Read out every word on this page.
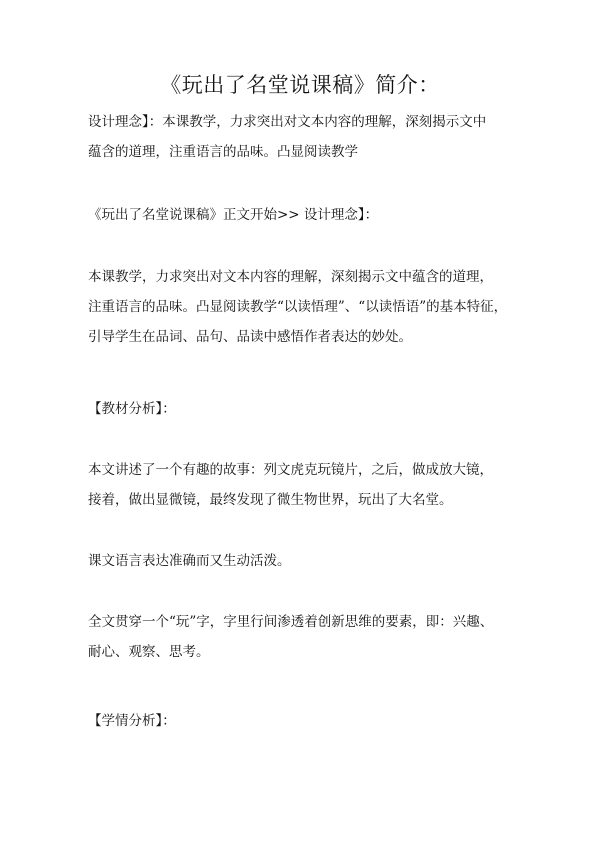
《玩出了名堂说课稿》简介：
设计理念】：本课教学，力求突出对文本内容的理解，深刻揭示文中
蕴含的道理，注重语言的品味。凸显阅读教学
《玩出了名堂说课稿》正文开始>> 设计理念】：
本课教学，力求突出对文本内容的理解，深刻揭示文中蕴含的道理，
注重语言的品味。凸显阅读教学“以读悟理”、“以读悟语”的基本特征，
引导学生在品词、品句、品读中感悟作者表达的妙处。
【教材分析】：
本文讲述了一个有趣的故事：列文虎克玩镜片，之后，做成放大镜，
接着，做出显微镜，最终发现了微生物世界，玩出了大名堂。
课文语言表达准确而又生动活泼。
全文贯穿一个“玩”字，字里行间渗透着创新思维的要素，即：兴趣、
耐心、观察、思考。
【学情分析】：
